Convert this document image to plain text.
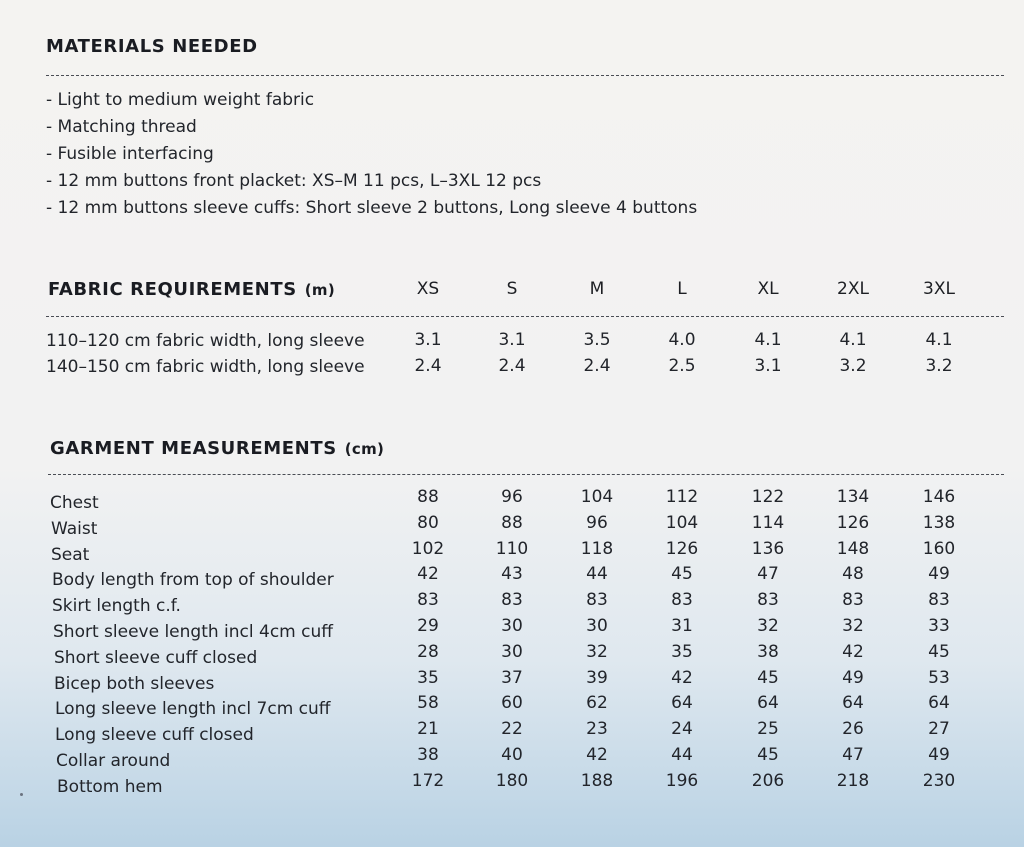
MATERIALS NEEDED
- Light to medium weight fabric
- Matching thread
- Fusible interfacing
- 12 mm buttons front placket: XS–M 11 pcs, L–3XL 12 pcs
- 12 mm buttons sleeve cuffs: Short sleeve 2 buttons, Long sleeve 4 buttons
FABRIC REQUIREMENTS (m)	XS	S	M	L	XL	2XL	3XL
110–120 cm fabric width, long sleeve	3.1	3.1	3.5	4.0	4.1	4.1	4.1
140–150 cm fabric width, long sleeve	2.4	2.4	2.4	2.5	3.1	3.2	3.2
GARMENT MEASUREMENTS (cm)
Chest	88	96	104	112	122	134	146
Waist	80	88	96	104	114	126	138
Seat	102	110	118	126	136	148	160
Body length from top of shoulder	42	43	44	45	47	48	49
Skirt length c.f.	83	83	83	83	83	83	83
Short sleeve length incl 4cm cuff	29	30	30	31	32	32	33
Short sleeve cuff closed	28	30	32	35	38	42	45
Bicep both sleeves	35	37	39	42	45	49	53
Long sleeve length incl 7cm cuff	58	60	62	64	64	64	64
Long sleeve cuff closed	21	22	23	24	25	26	27
Collar around	38	40	42	44	45	47	49
Bottom hem	172	180	188	196	206	218	230
